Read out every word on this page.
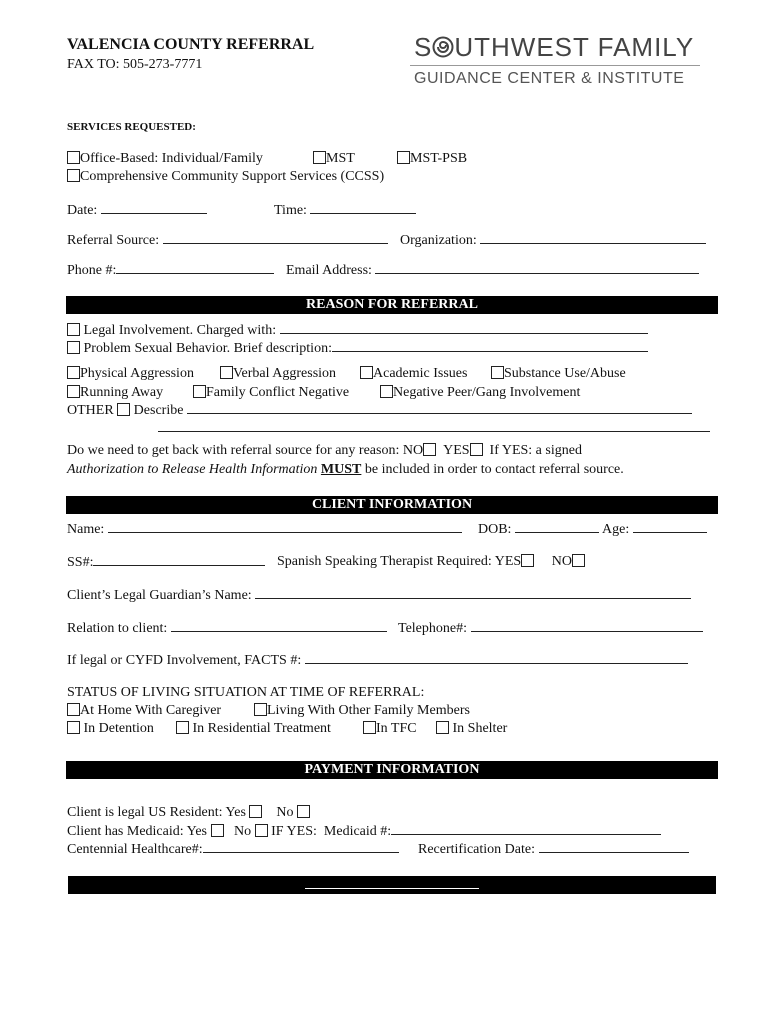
VALENCIA COUNTY REFERRAL
FAX TO: 505-273-7771
S UTHWEST FAMILY
GUIDANCE CENTER & INSTITUTE
SERVICES REQUESTED:
Office-Based: Individual/Family	MST	MST-PSB
Comprehensive Community Support Services (CCSS)
Date:	Time:
Referral Source:	Organization:
Phone #:	Email Address:
REASON FOR REFERRAL
Legal Involvement. Charged with:
Problem Sexual Behavior. Brief description:
Physical Aggression	Verbal Aggression	Academic Issues	Substance Use/Abuse
Running Away	Family Conflict Negative	Negative Peer/Gang Involvement
OTHER Describe
Do we need to get back with referral source for any reason: NO YES If YES: a signed
Authorization to Release Health Information MUST be included in order to contact referral source.
CLIENT INFORMATION
Name:	DOB:	Age:
SS#:	Spanish Speaking Therapist Required: YES NO
Client’s Legal Guardian’s Name:
Relation to client:	Telephone#:
If legal or CYFD Involvement, FACTS #:
STATUS OF LIVING SITUATION AT TIME OF REFERRAL:
At Home With Caregiver	Living With Other Family Members
In Detention	In Residential Treatment	In TFC	In Shelter
PAYMENT INFORMATION
Client is legal US Resident: Yes No
Client has Medicaid: Yes No IF YES: Medicaid #:
Centennial Healthcare#:	Recertification Date:
